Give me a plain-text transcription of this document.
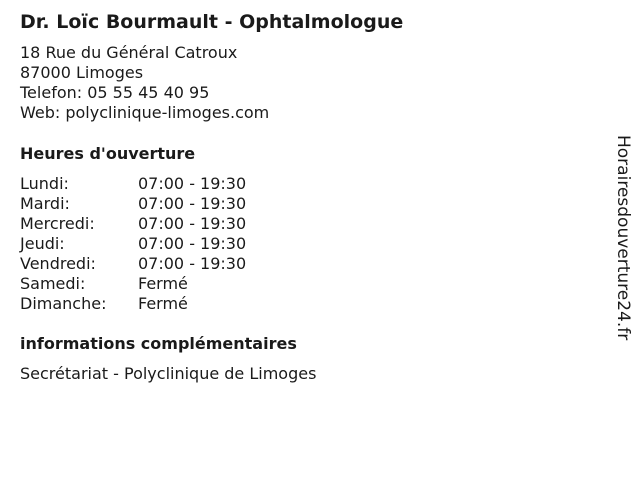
Dr. Loïc Bourmault - Ophtalmologue
18 Rue du Général Catroux
87000 Limoges
Telefon: 05 55 45 40 95
Web: polyclinique-limoges.com
Heures d'ouverture
Lundi:	07:00 - 19:30
Mardi:	07:00 - 19:30
Mercredi:	07:00 - 19:30
Jeudi:	07:00 - 19:30
Vendredi:	07:00 - 19:30
Samedi:	Fermé
Dimanche: Fermé
informations complémentaires
Secrétariat - Polyclinique de Limoges
Horairesdouverture24.fr
